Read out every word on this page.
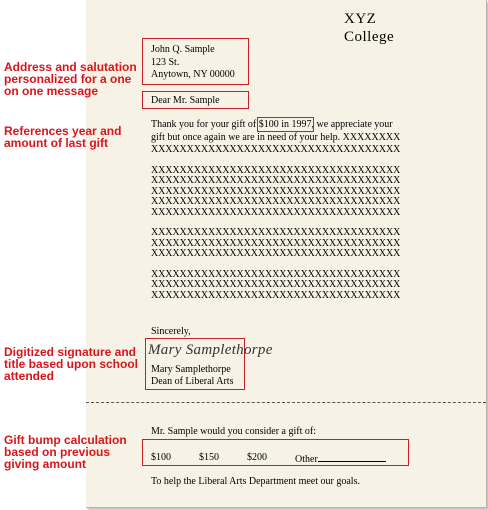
Address and salutation personalized for a one on one message
References year and amount of last gift
Digitized signature and title based upon school attended
Gift bump calculation based on previous giving amount
XYZ
College
John Q. Sample
123 St.
Anytown, NY 00000
Dear Mr. Sample
Thank you for your gift of $100 in 1997, we appreciate your
gift but once again we are in need of your help. XXXXXXXX
XXXXXXXXXXXXXXXXXXXXXXXXXXXXXXXXXXX
XXXXXXXXXXXXXXXXXXXXXXXXXXXXXXXXXXX
XXXXXXXXXXXXXXXXXXXXXXXXXXXXXXXXXXX
XXXXXXXXXXXXXXXXXXXXXXXXXXXXXXXXXXX
XXXXXXXXXXXXXXXXXXXXXXXXXXXXXXXXXXX
XXXXXXXXXXXXXXXXXXXXXXXXXXXXXXXXXXX
XXXXXXXXXXXXXXXXXXXXXXXXXXXXXXXXXXX
XXXXXXXXXXXXXXXXXXXXXXXXXXXXXXXXXXX
XXXXXXXXXXXXXXXXXXXXXXXXXXXXXXXXXXX
XXXXXXXXXXXXXXXXXXXXXXXXXXXXXXXXXXX
XXXXXXXXXXXXXXXXXXXXXXXXXXXXXXXXXXX
XXXXXXXXXXXXXXXXXXXXXXXXXXXXXXXXXXX
Sincerely,
Mary Samplethorpe
Mary Samplethorpe
Dean of Liberal Arts
Mr. Sample would you consider a gift of:
$100	$150	$200	Other
To help the Liberal Arts Department meet our goals.
